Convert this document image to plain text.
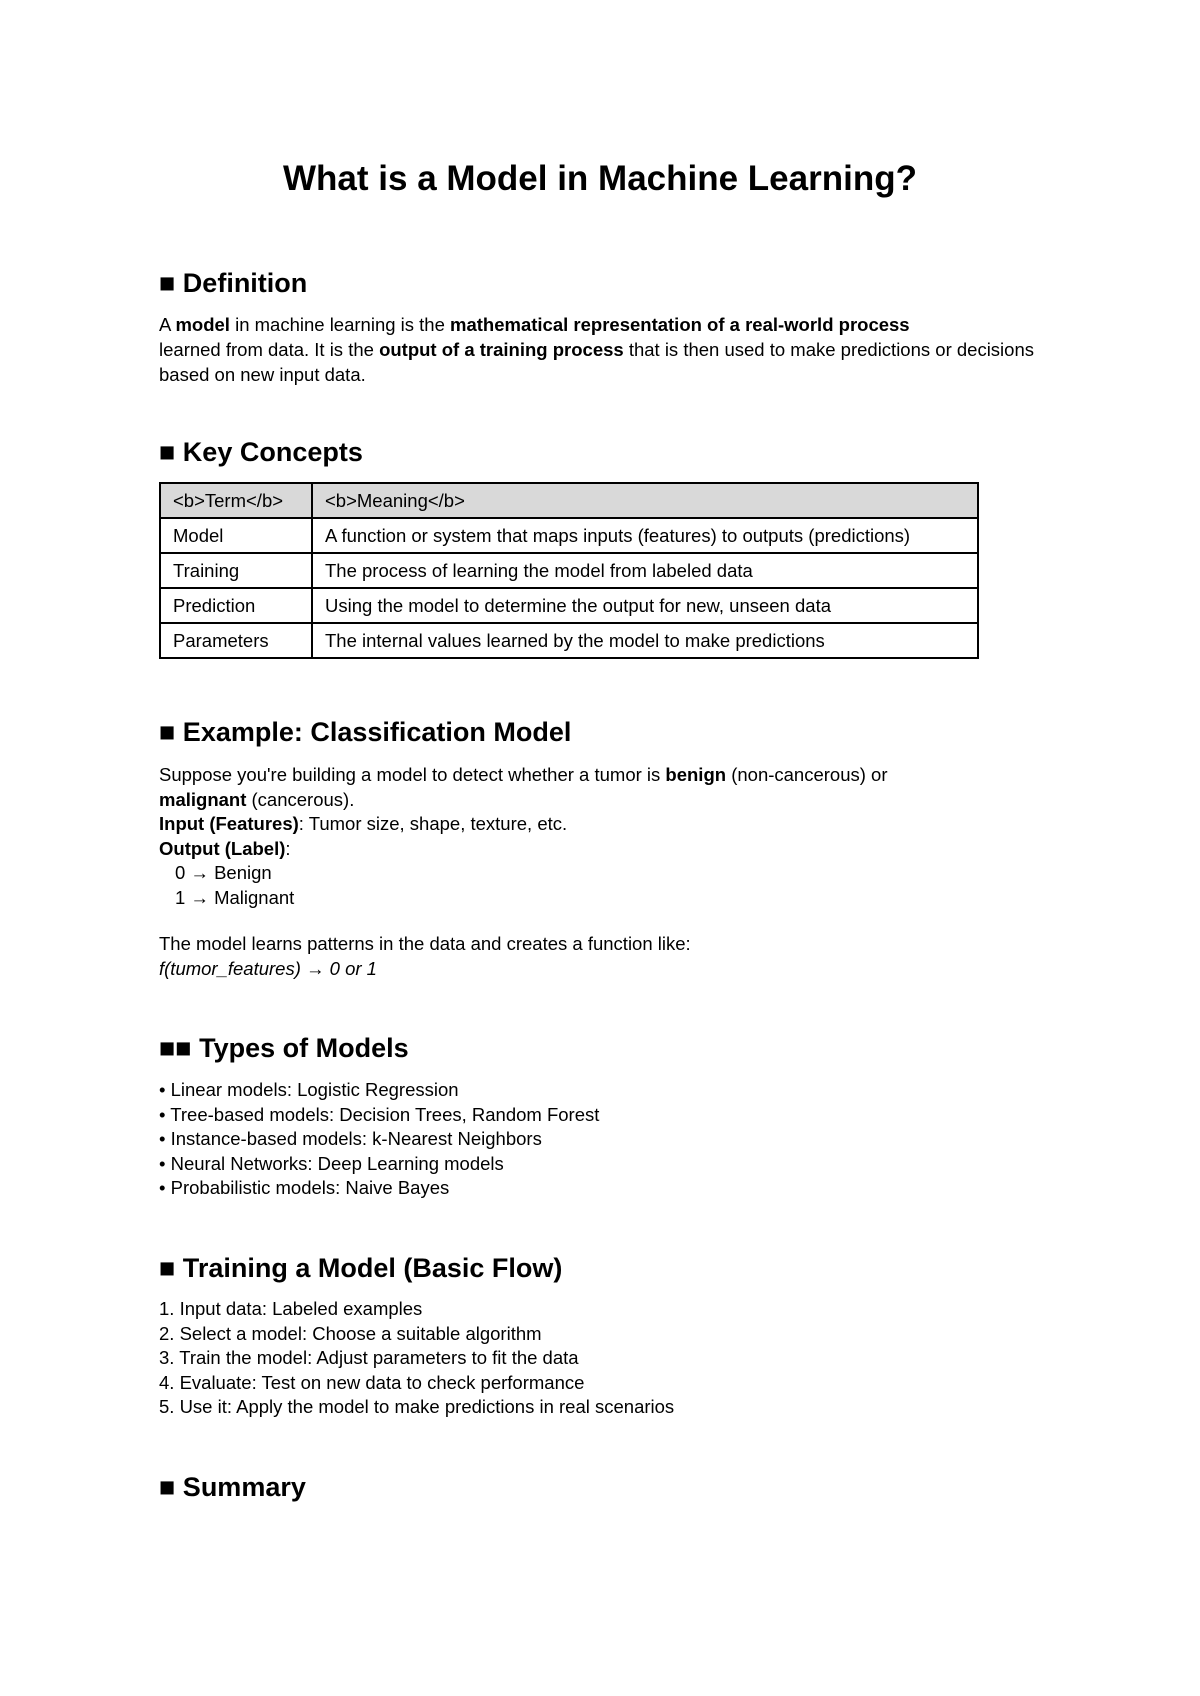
What is a Model in Machine Learning?
■ Definition

A model in machine learning is the mathematical representation of a real-world process
learned from data. It is the output of a training process that is then used to make predictions or decisions based on new input data.

■ Key Concepts
<b>Term</b>	<b>Meaning</b>
Model	A function or system that maps inputs (features) to outputs (predictions)
Training	The process of learning the model from labeled data
Prediction	Using the model to determine the output for new, unseen data
Parameters	The internal values learned by the model to make predictions
■ Example: Classification Model
Suppose you're building a model to detect whether a tumor is benign (non-cancerous) or
malignant (cancerous).
Input (Features): Tumor size, shape, texture, etc.
Output (Label):
0 → Benign
1 → Malignant
The model learns patterns in the data and creates a function like:
f(tumor_features) → 0 or 1
■■ Types of Models
• Linear models: Logistic Regression
• Tree-based models: Decision Trees, Random Forest
• Instance-based models: k-Nearest Neighbors
• Neural Networks: Deep Learning models
• Probabilistic models: Naive Bayes
■ Training a Model (Basic Flow)
1. Input data: Labeled examples
2. Select a model: Choose a suitable algorithm
3. Train the model: Adjust parameters to fit the data
4. Evaluate: Test on new data to check performance
5. Use it: Apply the model to make predictions in real scenarios
■ Summary
